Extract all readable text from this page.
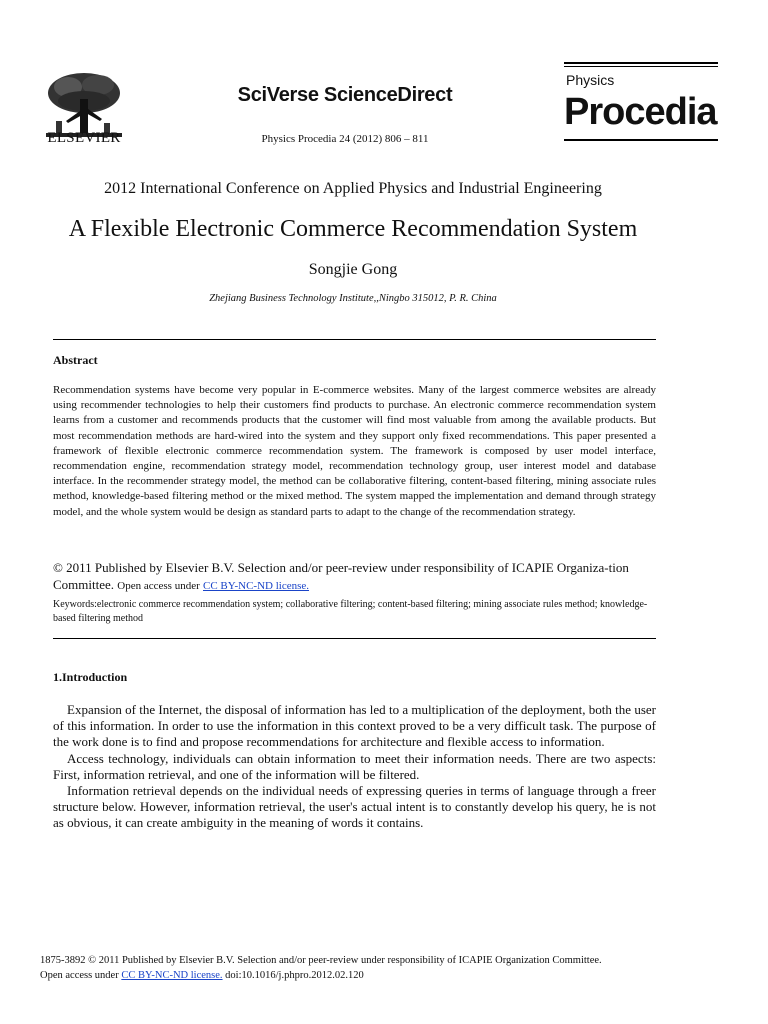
ELSEVIER
SciVerse ScienceDirect
Physics Procedia 24 (2012) 806 – 811
Physics
Procedia
2012 International Conference on Applied Physics and Industrial Engineering
A Flexible Electronic Commerce Recommendation System
Songjie Gong
Zhejiang Business Technology Institute,,Ningbo 315012, P. R. China
Abstract
Recommendation systems have become very popular in E-commerce websites. Many of the largest commerce websites are already using recommender technologies to help their customers find products to purchase. An electronic commerce recommendation system learns from a customer and recommends products that the customer will find most valuable from among the available products. But most recommendation methods are hard-wired into the system and they support only fixed recommendations. This paper presented a framework of flexible electronic commerce recommendation system. The framework is composed by user model interface, recommendation engine, recommendation strategy model, recommendation technology group, user interest model and database interface. In the recommender strategy model, the method can be collaborative filtering, content-based filtering, mining associate rules method, knowledge-based filtering method or the mixed method. The system mapped the implementation and demand through strategy model, and the whole system would be design as standard parts to adapt to the change of the recommendation strategy.
© 2011 Published by Elsevier B.V. Selection and/or peer-review under responsibility of ICAPIE Organiza-tion Committee. Open access under CC BY-NC-ND license.
Keywords:electronic commerce recommendation system; collaborative filtering; content-based filtering; mining associate rules method; knowledge-based filtering method
1.Introduction

Expansion of the Internet, the disposal of information has led to a multiplication of the deployment, both the user of this information. In order to use the information in this context proved to be a very difficult task. The purpose of the work done is to find and propose recommendations for architecture and flexible access to information.

Access technology, individuals can obtain information to meet their information needs. There are two aspects: First, information retrieval, and one of the information will be filtered.

Information retrieval depends on the individual needs of expressing queries in terms of language through a freer structure below. However, information retrieval, the user's actual intent is to constantly develop his query, he is not as obvious, it can create ambiguity in the meaning of words it contains.

1875-3892 © 2011 Published by Elsevier B.V. Selection and/or peer-review under responsibility of ICAPIE Organization Committee.
Open access under CC BY-NC-ND license. doi:10.1016/j.phpro.2012.02.120
